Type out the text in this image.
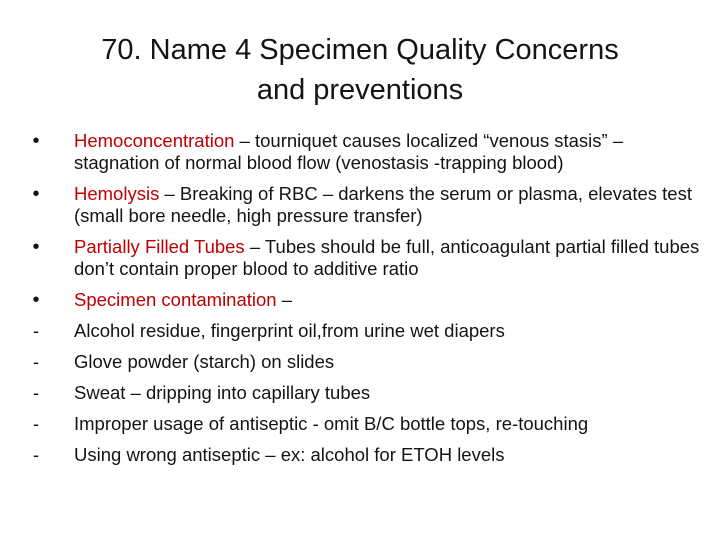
70. Name 4 Specimen Quality Concerns
and preventions
•	Hemoconcentration – tourniquet causes localized “venous stasis” – stagnation of normal blood flow (venostasis -trapping blood)
•	Hemolysis – Breaking of RBC – darkens the serum or plasma, elevates test (small bore needle, high pressure transfer)
•	Partially Filled Tubes – Tubes should be full, anticoagulant partial filled tubes don’t contain proper blood to additive ratio
•	Specimen contamination –
-	Alcohol residue, fingerprint oil,from urine wet diapers
-	Glove powder (starch) on slides
-	Sweat – dripping into capillary tubes
-	Improper usage of antiseptic - omit B/C bottle tops, re-touching
-	Using wrong antiseptic – ex: alcohol for ETOH levels
